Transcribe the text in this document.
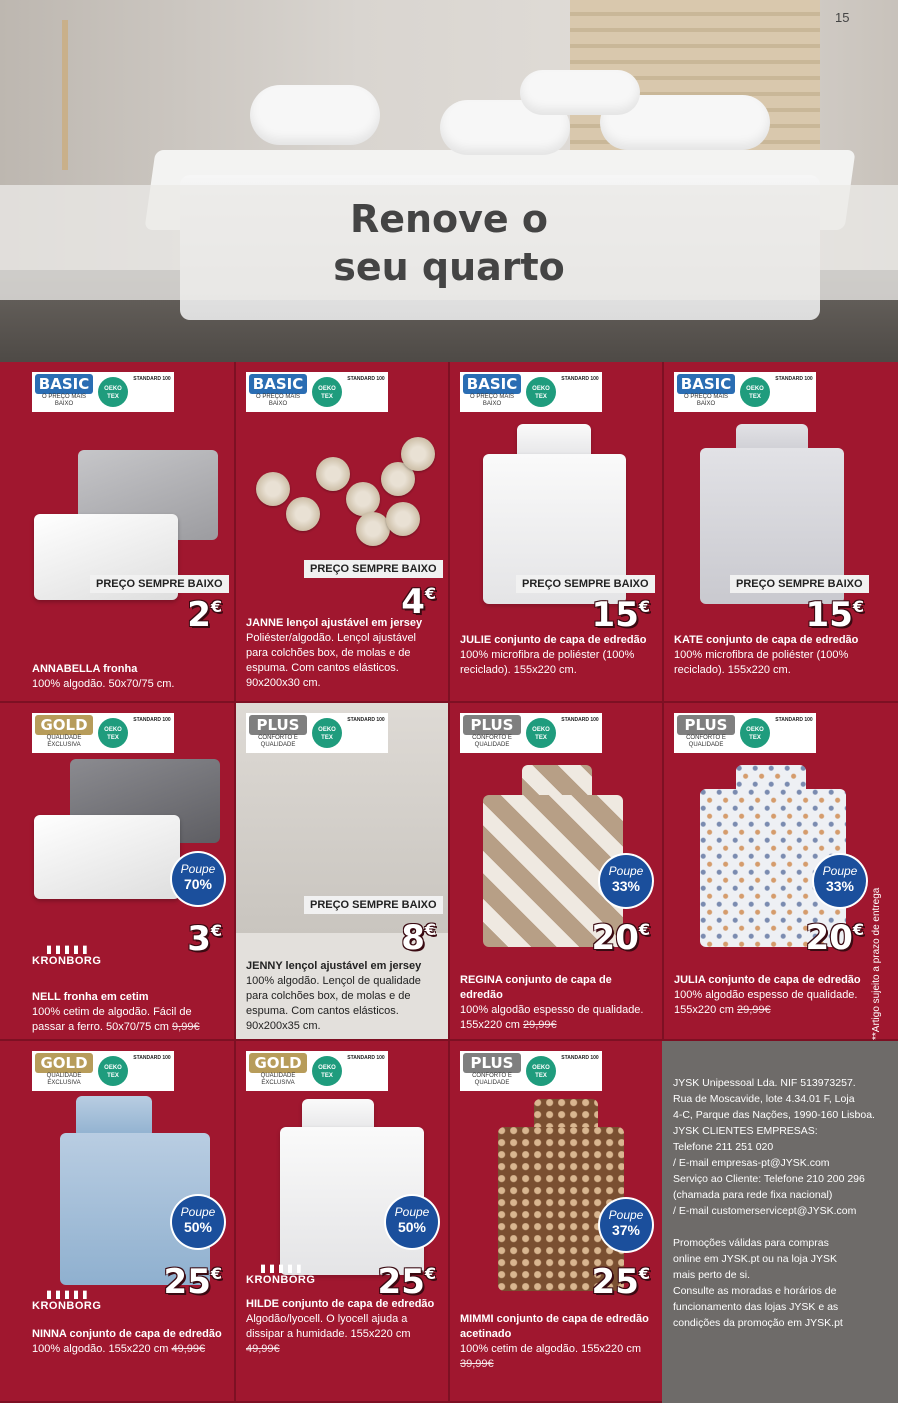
Renove o
seu quarto
15
BASIC
O PREÇO MAIS BAIXO
OEKO TEX
STANDARD 100
PREÇO SEMPRE BAIXO
2€
ANNABELLA fronha
100% algodão. 50x70/75 cm.
BASIC
O PREÇO MAIS BAIXO
OEKO TEX
STANDARD 100
PREÇO SEMPRE BAIXO
4€
JANNE lençol ajustável em jersey
Poliéster/algodão. Lençol ajustável para colchões box, de molas e de espuma. Com cantos elásticos. 90x200x30 cm.
BASIC
O PREÇO MAIS BAIXO
OEKO TEX
STANDARD 100
PREÇO SEMPRE BAIXO
15€
JULIE conjunto de capa de edredão
100% microfibra de poliéster (100% reciclado). 155x220 cm.
BASIC
O PREÇO MAIS BAIXO
OEKO TEX
STANDARD 100
PREÇO SEMPRE BAIXO
15€
KATE conjunto de capa de edredão
100% microfibra de poliéster (100% reciclado). 155x220 cm.
GOLD
QUALIDADE EXCLUSIVA
OEKO TEX
STANDARD 100
Poupe
70%
3€
KRONBORG
NELL fronha em cetim
100% cetim de algodão. Fácil de passar a ferro. 50x70/75 cm 9,99€
PLUS
CONFORTO E QUALIDADE
OEKO TEX
STANDARD 100
PREÇO SEMPRE BAIXO
8€
JENNY lençol ajustável em jersey
100% algodão. Lençol de qualidade para colchões box, de molas e de espuma. Com cantos elásticos. 90x200x35 cm.
PLUS
CONFORTO E QUALIDADE
OEKO TEX
STANDARD 100
Poupe
33%
20€
REGINA conjunto de capa de edredão
100% algodão espesso de qualidade. 155x220 cm 29,99€
PLUS
CONFORTO E QUALIDADE
OEKO TEX
STANDARD 100
Poupe
33%
20€
JULIA conjunto de capa de edredão
100% algodão espesso de qualidade. 155x220 cm 29,99€	**Artigo sujeito a prazo de entrega
GOLD
QUALIDADE EXCLUSIVA
OEKO TEX
STANDARD 100
Poupe
50%
25€
KRONBORG
NINNA conjunto de capa de edredão
100% algodão. 155x220 cm 49,99€
GOLD
QUALIDADE EXCLUSIVA
OEKO TEX
STANDARD 100
Poupe
50%
KRONBORG 25€
HILDE conjunto de capa de edredão
Algodão/lyocell. O lyocell ajuda a dissipar a humidade. 155x220 cm 49,99€
PLUS
CONFORTO E QUALIDADE
OEKO TEX
STANDARD 100
Poupe
37%
25€
MIMMI conjunto de capa de edredão acetinado
100% cetim de algodão. 155x220 cm 39,99€

JYSK Unipessoal Lda. NIF 513973257.

Rua de Moscavide, lote 4.34.01 F, Loja

4-C, Parque das Nações, 1990-160 Lisboa.

JYSK CLIENTES EMPRESAS:

Telefone 211 251 020

/ E-mail empresas-pt@JYSK.com

Serviço ao Cliente: Telefone 210 200 296

(chamada para rede fixa nacional)

/ E-mail customerservicept@JYSK.com

Promoções válidas para compras

online em JYSK.pt ou na loja JYSK

mais perto de si.

Consulte as moradas e horários de

funcionamento das lojas JYSK e as

condições da promoção em JYSK.pt
